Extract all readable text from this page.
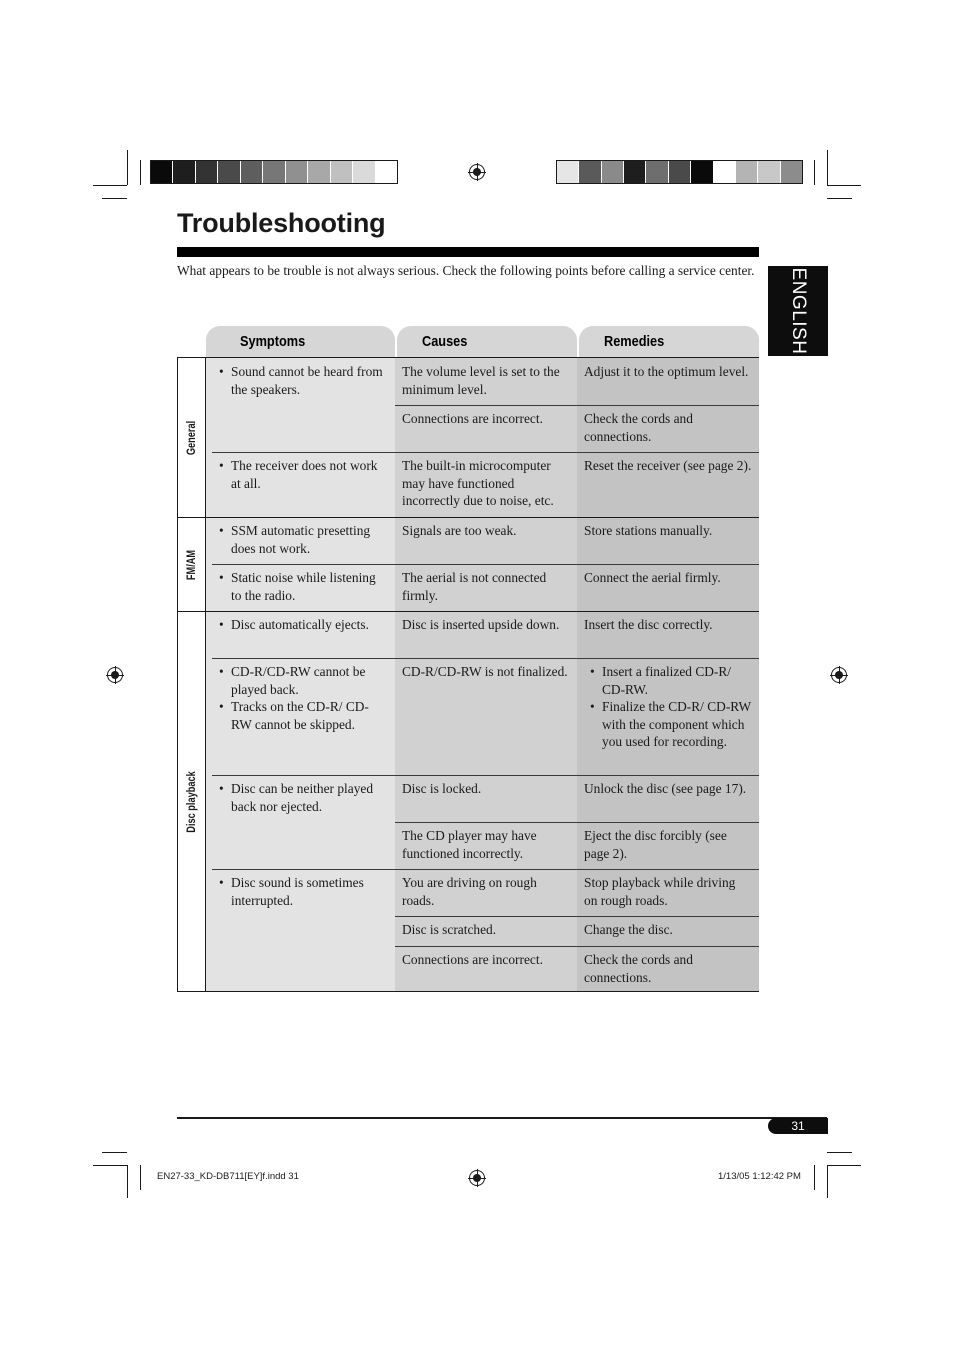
Troubleshooting
What appears to be trouble is not always serious. Check the following points before calling a service center.	ENGLISH
Symptoms	Causes	Remedies
• Sound cannot be heard from the speakers.
The volume level is set to the minimum level.
Adjust it to the optimum level.
Connections are incorrect.	Check the cords and connections.
• The receiver does not work at all.
The built-in microcomputer may have functioned incorrectly due to noise, etc.
Reset the receiver (see page 2).
• SSM automatic presetting does not work.
Signals are too weak.	Store stations manually.
• Static noise while listening to the radio.
The aerial is not connected firmly.
Connect the aerial firmly.
• Disc automatically ejects.	Disc is inserted upside down.	Insert the disc correctly.
• CD-R/CD-RW cannot be played back.
• Tracks on the CD-R/ CD-RW cannot be skipped.
CD-R/CD-RW is not finalized.
•	Insert a finalized CD-R/ CD-RW.
• Finalize the CD-R/ CD-RW with the component which you used for recording.
• Disc can be neither played back nor ejected.
Disc is locked.	Unlock the disc (see page 17).
The CD player may have functioned incorrectly.
Eject the disc forcibly (see page 2).
• Disc sound is sometimes interrupted.
You are driving on rough roads.
Stop playback while driving on rough roads.
Disc is scratched.	Change the disc.
Connections are incorrect.	Check the cords and connections.
General
FM/AM
Disc playback
31
EN27-33_KD-DB711[EY]f.indd 31	1/13/05 1:12:42 PM
